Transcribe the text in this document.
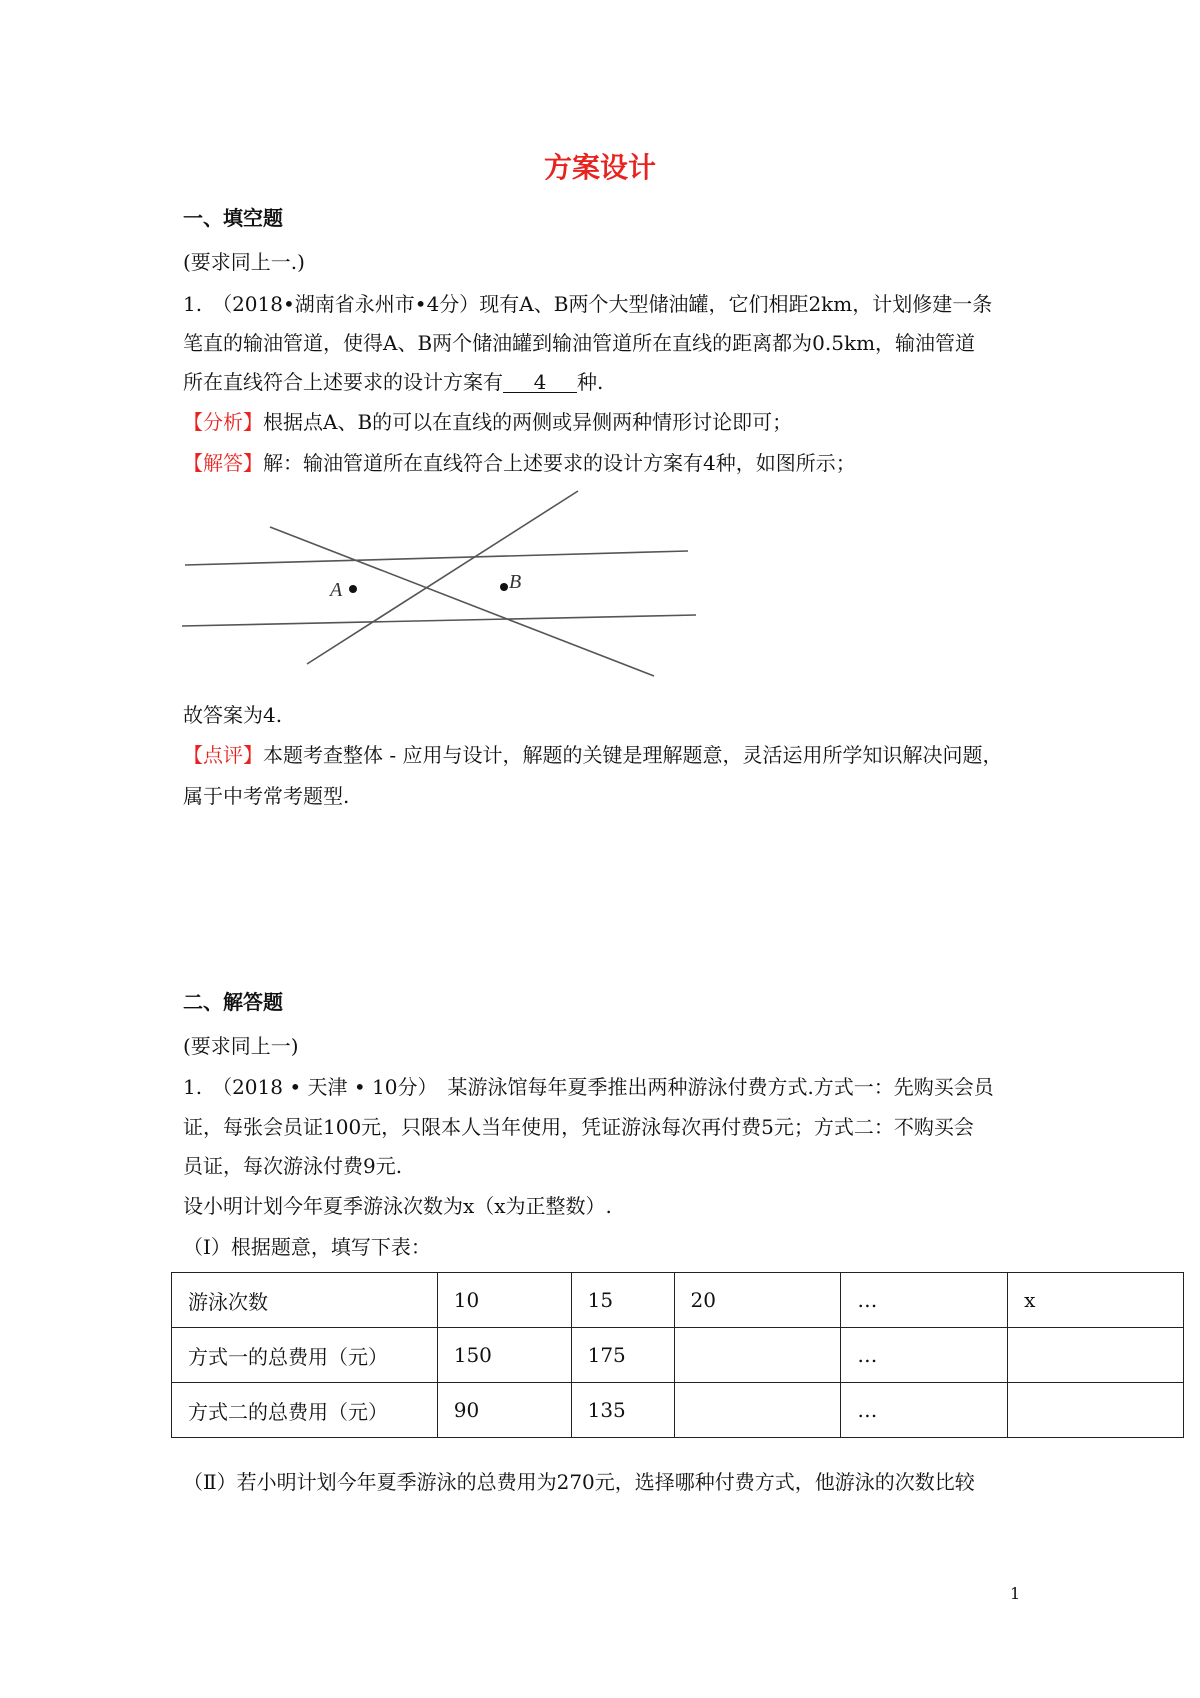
方案设计
一、填空题
(要求同上一.)
1.　（2018•湖南省永州市•4分）现有A、B两个大型储油罐，它们相距2km，计划修建一条
笔直的输油管道，使得A、B两个储油罐到输油管道所在直线的距离都为0.5km，输油管道
所在直线符合上述要求的设计方案有 4 种.
【分析】根据点A、B的可以在直线的两侧或异侧两种情形讨论即可；
【解答】解：输油管道所在直线符合上述要求的设计方案有4种，如图所示；
A	B
故答案为4.
【点评】本题考查整体 - 应用与设计，解题的关键是理解题意，灵活运用所学知识解决问题，
属于中考常考题型.
二、解答题
(要求同上一)
1.　（2018 • 天津 • 10分）　某游泳馆每年夏季推出两种游泳付费方式.方式一：先购买会员
证，每张会员证100元，只限本人当年使用，凭证游泳每次再付费5元；方式二：不购买会
员证，每次游泳付费9元.
设小明计划今年夏季游泳次数为x（x为正整数）.
（Ⅰ）根据题意，填写下表：
游泳次数	10	15	20	…	x
方式一的总费用（元）	150	175		…	
方式二的总费用（元）	90	135		…	
（Ⅱ）若小明计划今年夏季游泳的总费用为270元，选择哪种付费方式，他游泳的次数比较
1
